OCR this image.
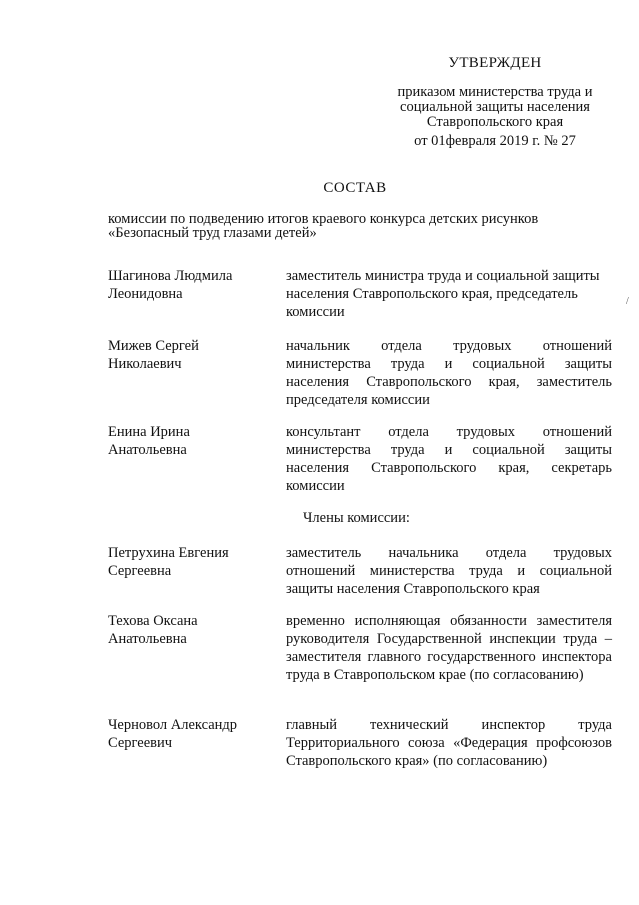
УТВЕРЖДЕН
приказом министерства труда и
социальной защиты населения
Ставропольского края
от 01февраля 2019 г. № 27
СОСТАВ
комиссии по подведению итогов краевого конкурса детских рисунков
«Безопасный труд глазами детей»
Шагинова Людмила
Леонидовна
заместитель министра труда и социальной защиты
населения Ставропольского края, председатель
комиссии
Мижев Сергей
Николаевич
начальник отдела трудовых отношений министерства труда и социальной защиты населения Ставропольского края, заместитель председателя комиссии
Енина Ирина
Анатольевна
консультант отдела трудовых отношений министерства труда и социальной защиты населения Ставропольского края, секретарь комиссии
Члены комиссии:
Петрухина Евгения
Сергеевна
заместитель начальника отдела трудовых отношений министерства труда и социальной защиты населения Ставропольского края
Техова Оксана
Анатольевна
временно исполняющая обязанности заместителя руководителя Государственной инспекции труда – заместителя главного государственного инспектора труда в Ставропольском крае (по согласованию)
Черновол Александр
Сергеевич
главный технический инспектор труда Территориального союза «Федерация профсоюзов Ставропольского края» (по согласованию)
/
